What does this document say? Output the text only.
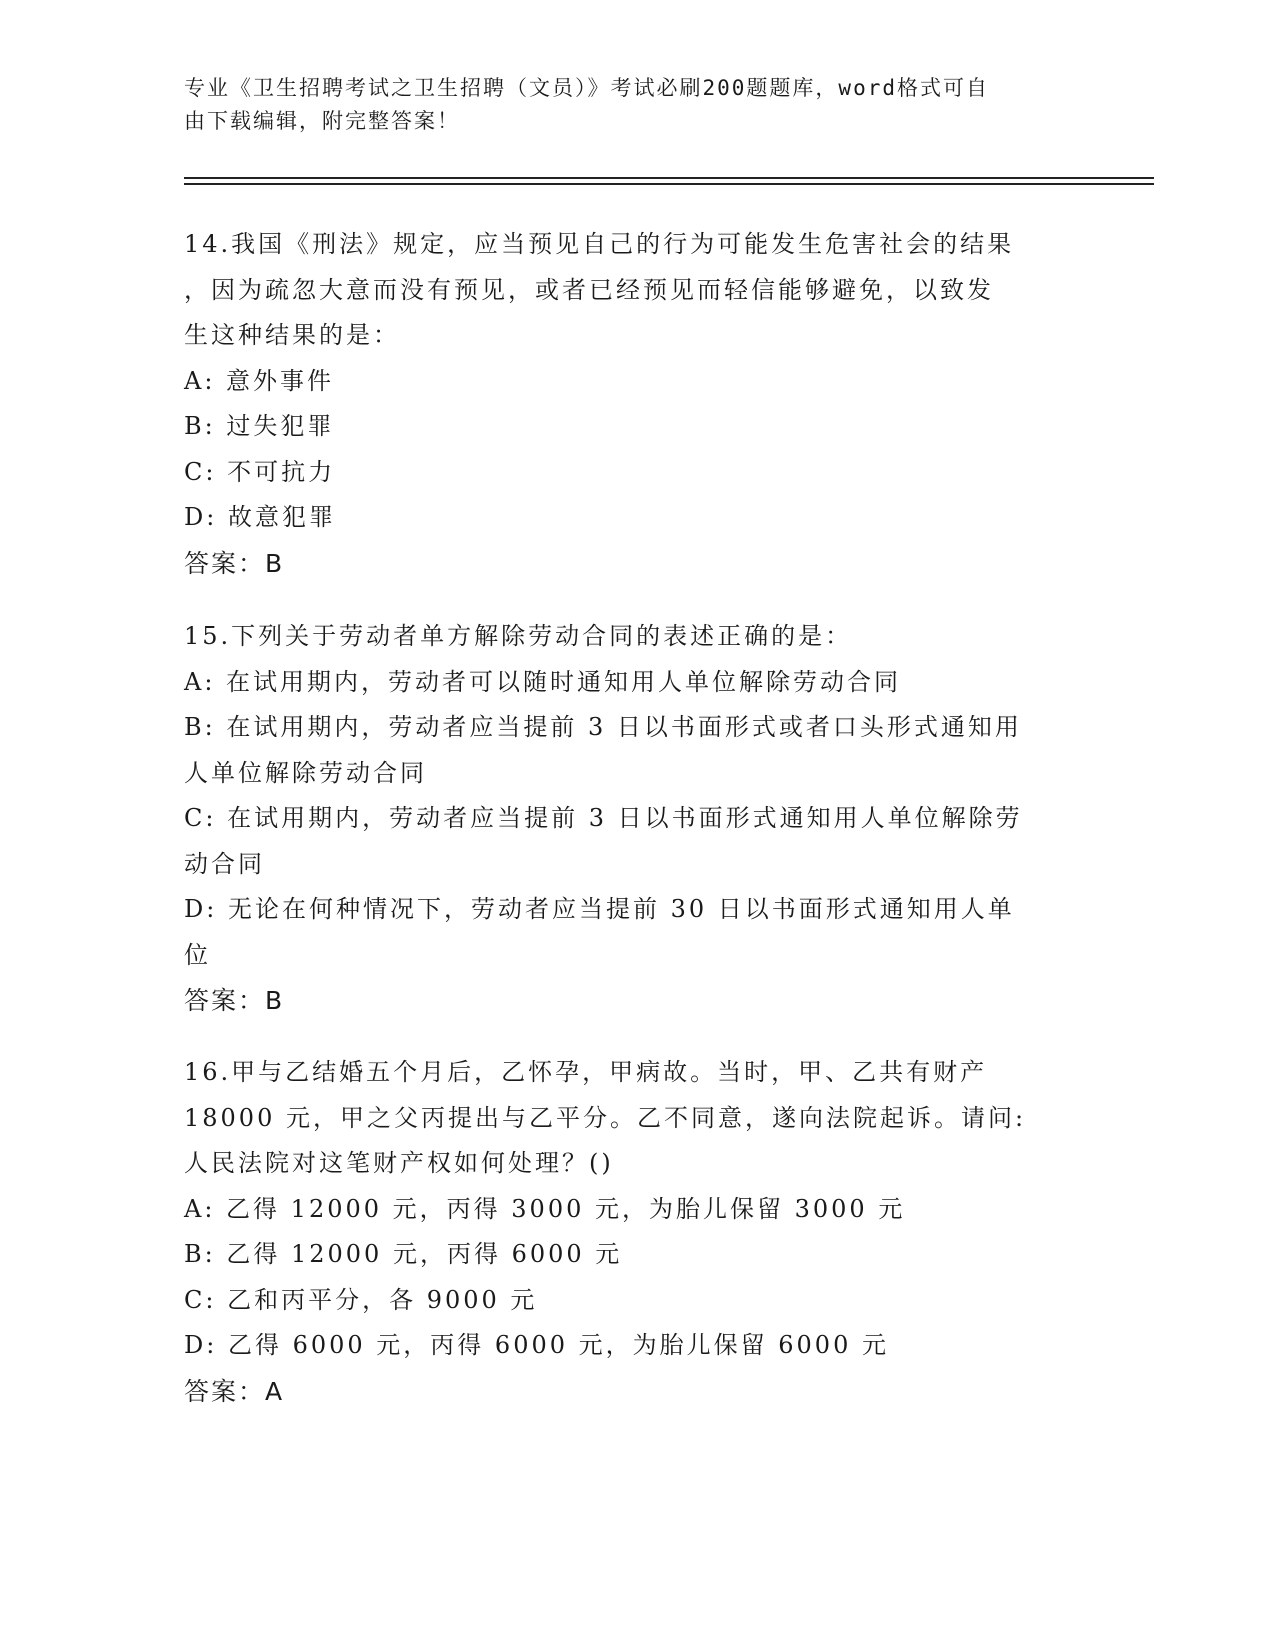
专业《卫生招聘考试之卫生招聘（文员）》考试必刷200题题库，word格式可自
由下载编辑，附完整答案！
14.我国《刑法》规定，应当预见自己的行为可能发生危害社会的结果
，因为疏忽大意而没有预见，或者已经预见而轻信能够避免，以致发
生这种结果的是：
A: 意外事件
B: 过失犯罪
C: 不可抗力
D: 故意犯罪
答案：B
15.下列关于劳动者单方解除劳动合同的表述正确的是：
A: 在试用期内，劳动者可以随时通知用人单位解除劳动合同
B: 在试用期内，劳动者应当提前 3 日以书面形式或者口头形式通知用
人单位解除劳动合同
C: 在试用期内，劳动者应当提前 3 日以书面形式通知用人单位解除劳
动合同
D: 无论在何种情况下，劳动者应当提前 30 日以书面形式通知用人单
位
答案：B
16.甲与乙结婚五个月后，乙怀孕，甲病故。当时，甲、乙共有财产
18000 元，甲之父丙提出与乙平分。乙不同意，遂向法院起诉。请问:
人民法院对这笔财产权如何处理？()
A: 乙得 12000 元，丙得 3000 元，为胎儿保留 3000 元
B: 乙得 12000 元，丙得 6000 元
C: 乙和丙平分，各 9000 元
D: 乙得 6000 元，丙得 6000 元，为胎儿保留 6000 元
答案：A
